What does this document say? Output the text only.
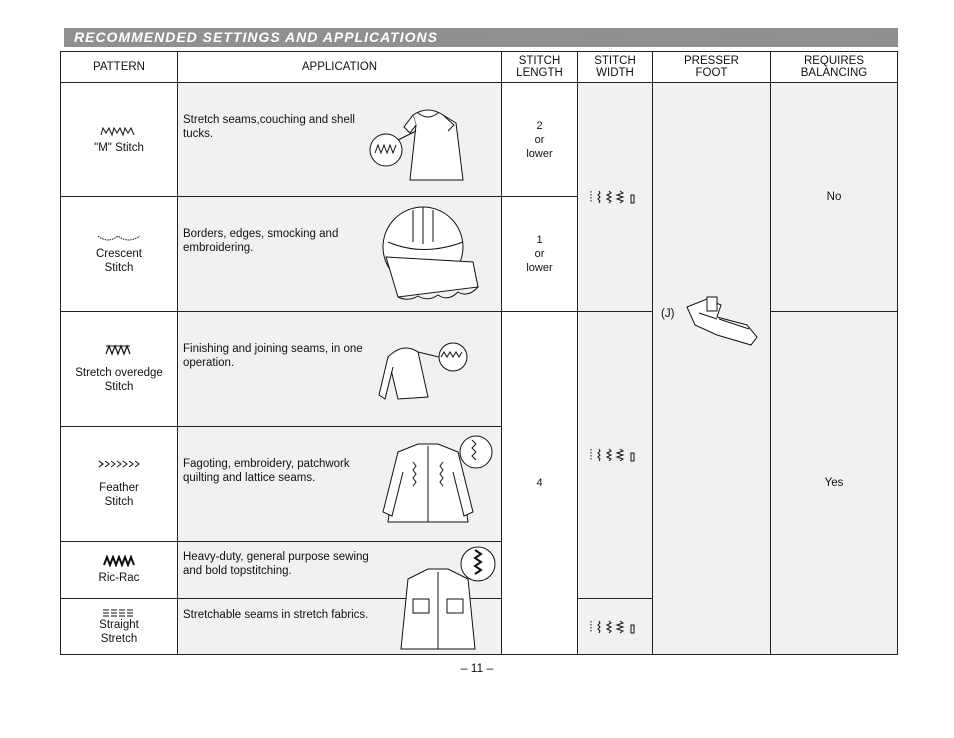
RECOMMENDED SETTINGS AND APPLICATIONS
PATTERN	APPLICATION	STITCH LENGTH
STITCH WIDTH
PRESSER FOOT
REQUIRES BALANCING
"M" Stitch
Crescent Stitch
Stretch overedge Stitch
Feather Stitch
Ric-Rac
Straight Stretch
Stretch seams,couching and shell tucks.
Borders, edges, smocking and embroidering.
Finishing and joining seams, in one operation.
Fagoting, embroidery, patchwork quilting and lattice seams.
Heavy-duty, general purpose sewing and bold topstitching.
Stretchable seams in stretch fabrics.
2
or
lower
1
or
lower
4
(J)
No
Yes
– 11 –
